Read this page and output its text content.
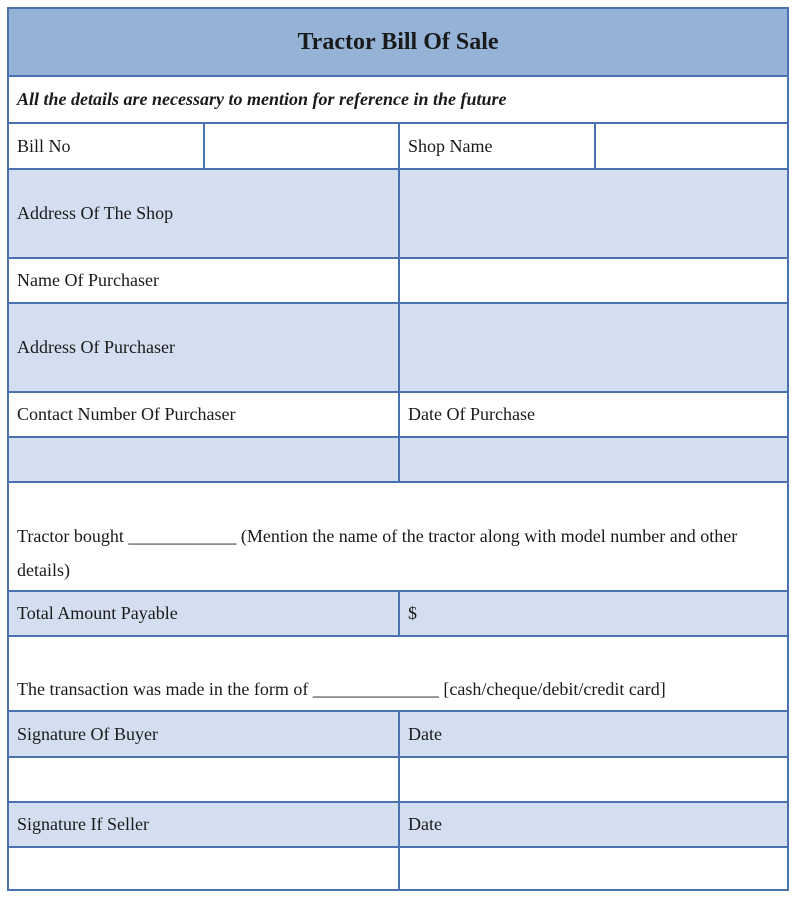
Tractor Bill Of Sale
All the details are necessary to mention for reference in the future
Bill No	Shop Name
Address Of The Shop
Name Of Purchaser
Address Of Purchaser
Contact Number Of Purchaser	Date Of Purchase
Tractor bought ____________ (Mention the name of the tractor along with model number and other details)
Total Amount Payable	$
The transaction was made in the form of ______________ [cash/cheque/debit/credit card]
Signature Of Buyer	Date
Signature If Seller	Date
